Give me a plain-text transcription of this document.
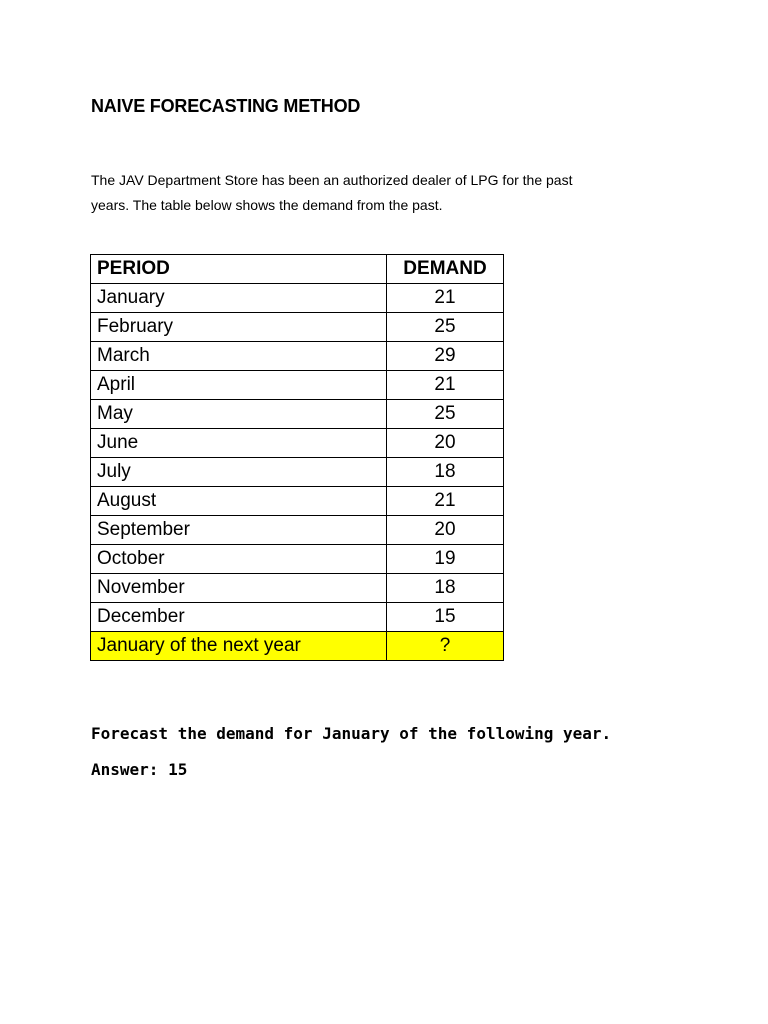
NAIVE FORECASTING METHOD

The JAV Department Store has been an authorized dealer of LPG for the past

years. The table below shows the demand from the past.

PERIOD	DEMAND
January	21
February	25
March	29
April	21
May	25
June	20
July	18
August	21
September	20
October	19
November	18
December	15
January of the next year	?
Forecast the demand for January of the following year.
Answer: 15
